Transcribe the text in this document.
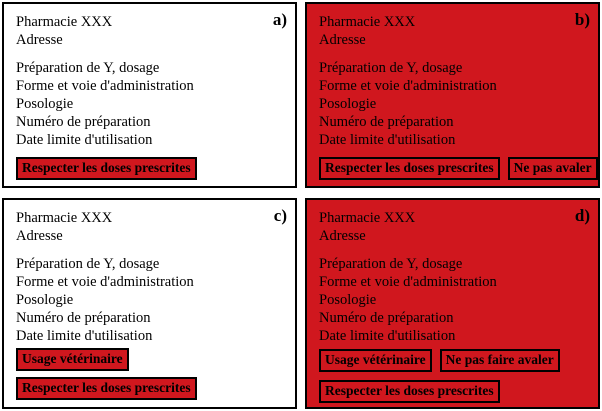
a)
Pharmacie XXX
Adresse
Préparation de Y, dosage
Forme et voie d'administration
Posologie
Numéro de préparation
Date limite d'utilisation
Respecter les doses prescrites
b)
Pharmacie XXX
Adresse
Préparation de Y, dosage
Forme et voie d'administration
Posologie
Numéro de préparation
Date limite d'utilisation
Respecter les doses prescrites	Ne pas avaler
c)
Pharmacie XXX
Adresse
Préparation de Y, dosage
Forme et voie d'administration
Posologie
Numéro de préparation
Date limite d'utilisation
Usage vétérinaire
Respecter les doses prescrites
d)
Pharmacie XXX
Adresse
Préparation de Y, dosage
Forme et voie d'administration
Posologie
Numéro de préparation
Date limite d'utilisation
Usage vétérinaire	Ne pas faire avaler
Respecter les doses prescrites
